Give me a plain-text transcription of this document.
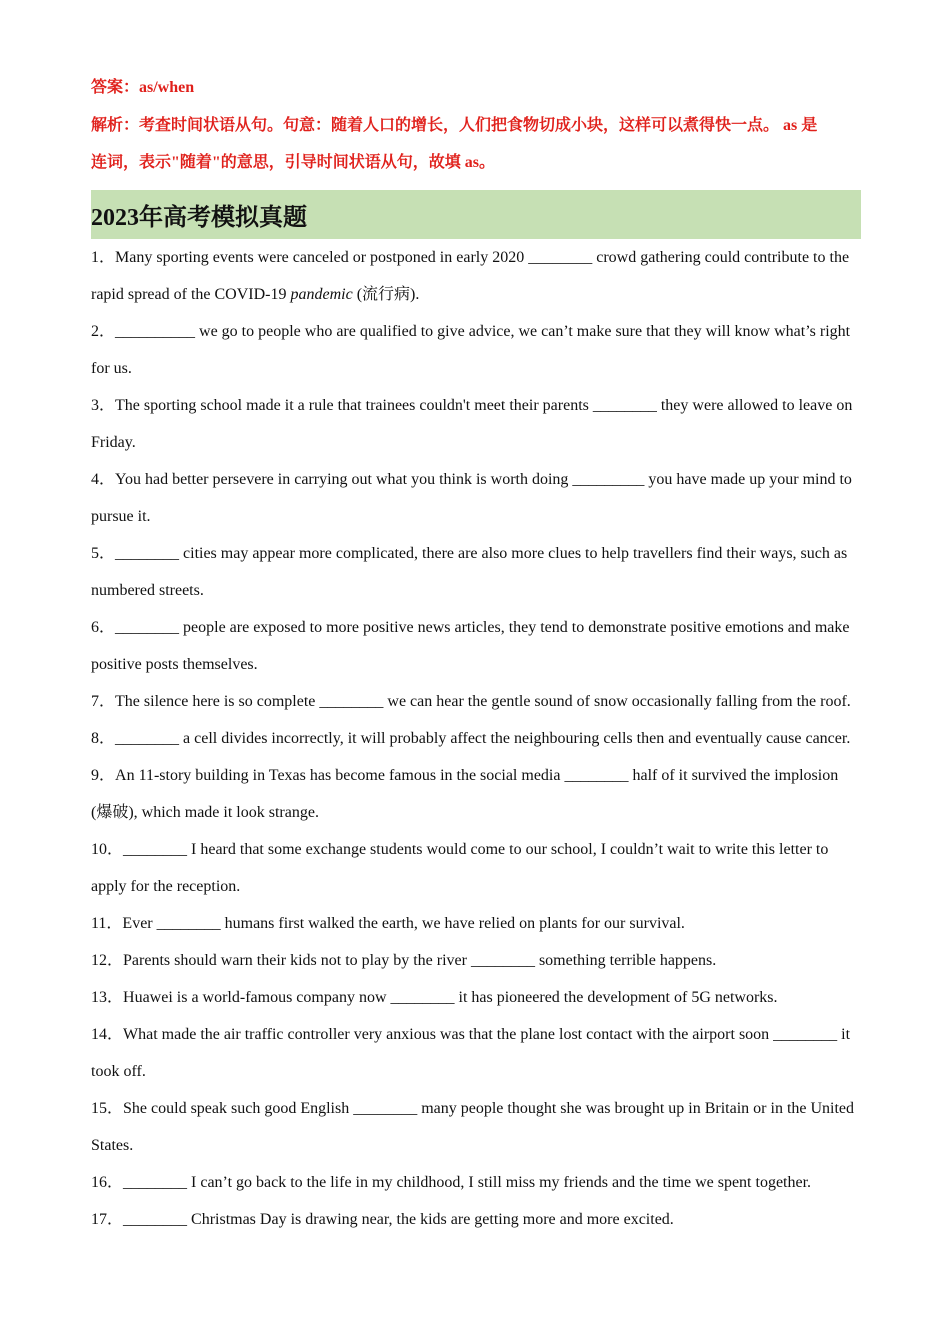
答案：as/when

解析：考查时间状语从句。句意：随着人口的增长，人们把食物切成小块，这样可以煮得快一点。 as 是

连词，表示"随着"的意思，引导时间状语从句，故填 as。

2023年高考模拟真题

1．Many sporting events were canceled or postponed in early 2020 ________ crowd gathering could contribute to the rapid spread of the COVID-19 pandemic (流行病).

2．__________ we go to people who are qualified to give advice, we can’t make sure that they will know what’s right for us.

3．The sporting school made it a rule that trainees couldn't meet their parents ________ they were allowed to leave on Friday.

4．You had better persevere in carrying out what you think is worth doing _________ you have made up your mind to pursue it.

5．________ cities may appear more complicated, there are also more clues to help travellers find their ways, such as numbered streets.

6．________ people are exposed to more positive news articles, they tend to demonstrate positive emotions and make positive posts themselves.

7．The silence here is so complete ________ we can hear the gentle sound of snow occasionally falling from the roof.

8．________ a cell divides incorrectly, it will probably affect the neighbouring cells then and eventually cause cancer.

9．An 11-story building in Texas has become famous in the social media ________ half of it survived the implosion (爆破), which made it look strange.

10．________ I heard that some exchange students would come to our school, I couldn’t wait to write this letter to apply for the reception.

11．Ever ________ humans first walked the earth, we have relied on plants for our survival.

12．Parents should warn their kids not to play by the river ________ something terrible happens.

13．Huawei is a world-famous company now ________ it has pioneered the development of 5G networks.

14．What made the air traffic controller very anxious was that the plane lost contact with the airport soon ________ it took off.

15．She could speak such good English ________ many people thought she was brought up in Britain or in the United States.

16．________ I can’t go back to the life in my childhood, I still miss my friends and the time we spent together.

17．________ Christmas Day is drawing near, the kids are getting more and more excited.
